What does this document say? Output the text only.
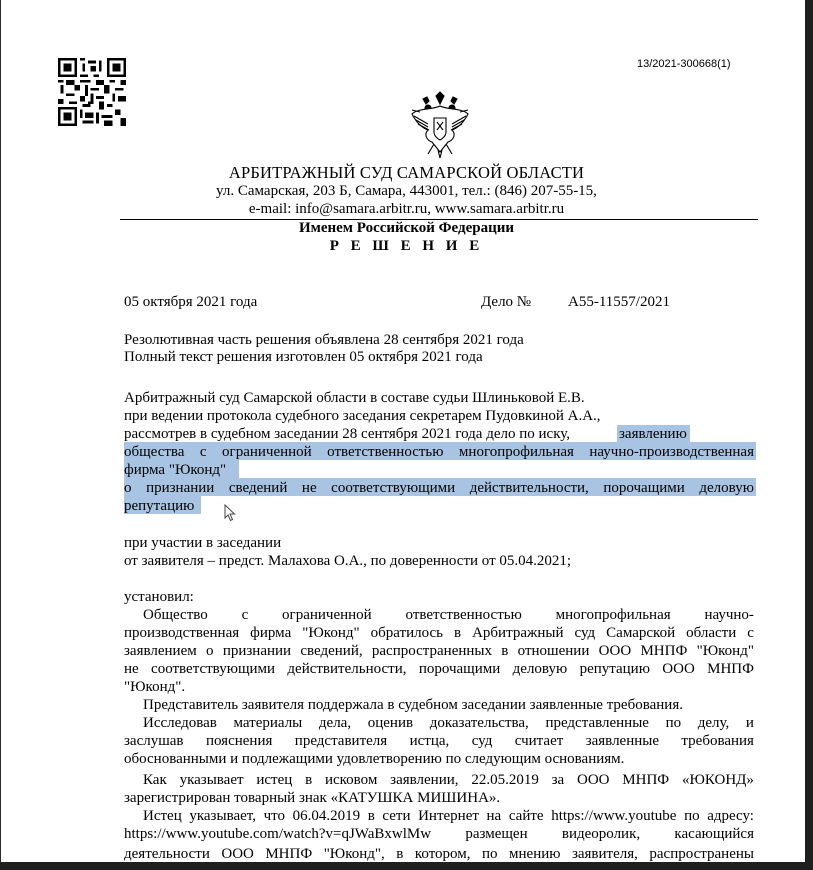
13/2021-300668(1)
АРБИТРАЖНЫЙ СУД САМАРСКОЙ ОБЛАСТИ
ул. Самарская, 203 Б, Самара, 443001, тел.: (846) 207-55-15,
e-mail: info@samara.arbitr.ru, www.samara.arbitr.ru
Именем Российской Федерации
Р Е Ш Е Н И Е
05 октября 2021 года	Дело № А55-11557/2021
Резолютивная часть решения объявлена 28 сентября 2021 года
Полный текст решения изготовлен 05 октября 2021 года
Арбитражный суд Самарской области в составе судьи Шлиньковой Е.В.
при ведении протокола судебного заседания секретарем Пудовкиной А.А.,
рассмотрев в судебном заседании 28 сентября 2021 года дело по иску,	заявлению
общества с ограниченной ответственностью многопрофильная научно-производственная
фирма "Юконд"
о признании сведений не соответствующими действительности, порочащими деловую
репутацию
при участии в заседании
от заявителя – предст. Малахова О.А., по доверенности от 05.04.2021;
установил:
Общество с ограниченной ответственностью многопрофильная научно-
производственная фирма "Юконд" обратилось в Арбитражный суд Самарской области с
заявлением о признании сведений, распространенных в отношении ООО МНПФ "Юконд"
не соответствующими действительности, порочащими деловую репутацию ООО МНПФ
"Юконд".
Представитель заявителя поддержала в судебном заседании заявленные требования.
Исследовав материалы дела, оценив доказательства, представленные по делу, и
заслушав пояснения представителя истца, суд считает заявленные требования
обоснованными и подлежащими удовлетворению по следующим основаниям.
Как указывает истец в исковом заявлении, 22.05.2019 за ООО МНПФ «ЮКОНД»
зарегистрирован товарный знак «КАТУШКА МИШИНА».
Истец указывает, что 06.04.2019 в сети Интернет на сайте https://www.youtube по адресу:
https://www.youtube.com/watch?v=qJWaBxwlMw размещен видеоролик, касающийся
деятельности ООО МНПФ "Юконд", в котором, по мнению заявителя, распространены
